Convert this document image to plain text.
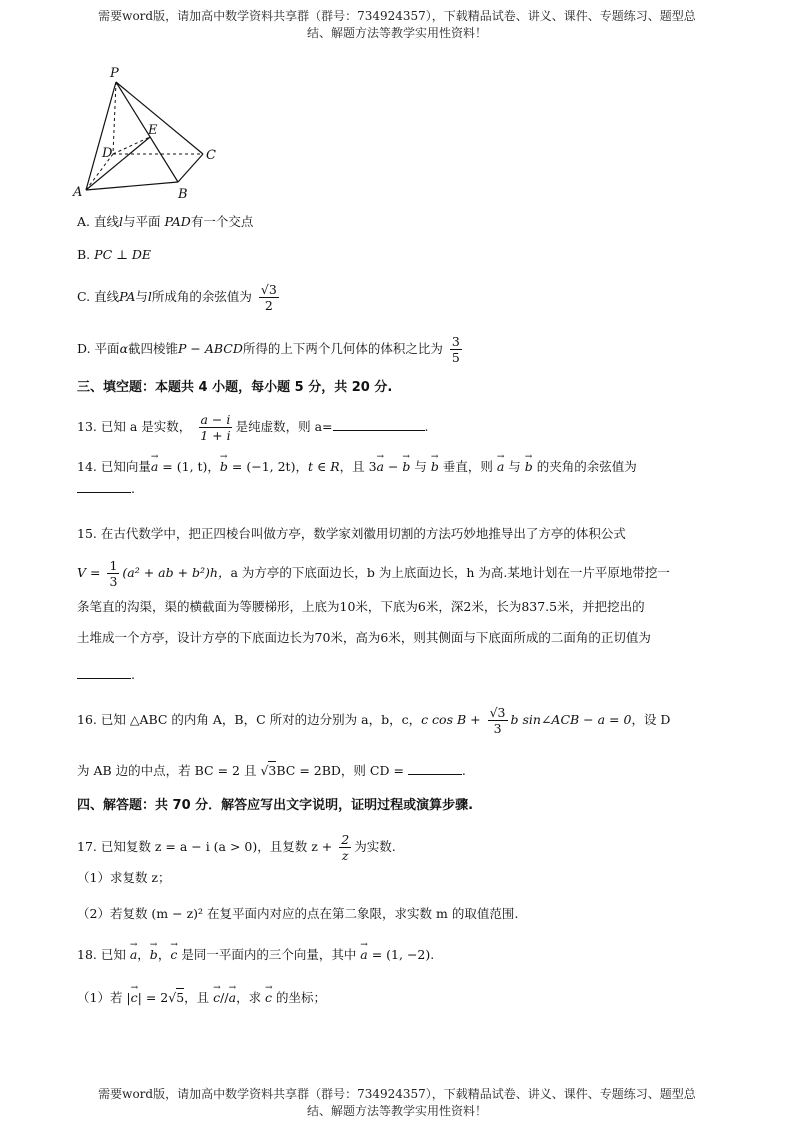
需要word版，请加高中数学资料共享群（群号：734924357），下载精品试卷、讲义、课件、专题练习、题型总
结、解题方法等教学实用性资料！
P
E
D	C
A	B
A. 直线l与平面 PAD有一个交点
B. PC ⊥ DE
C. 直线PA与l所成角的余弦值为 $\frac{√3}{2}$
D. 平面α截四棱锥P − ABCD所得的上下两个几何体的体积之比为 $\frac{3}{5}$
三、填空题：本题共 4 小题，每小题 5 分，共 20 分.
13. 已知 a 是实数， $\frac{a - i}{1 + i}$ 是纯虚数，则 a=	.
14. 已知向量→ a = (1, t)，→ b = (−1, 2t)，t ∈ R，且 3→ a − → b 与 → b 垂直，则 → a 与 → b 的夹角的余弦值为
.
15. 在古代数学中，把正四棱台叫做方亭，数学家刘徽用切割的方法巧妙地推导出了方亭的体积公式
$V = \frac{1}{3} (a^2$ + ab + b²)h，a 为方亭的下底面边长，b 为上底面边长，h 为高.某地计划在一片平原地带挖一
条笔直的沟渠，渠的横截面为等腰梯形，上底为10米，下底为6米，深2米，长为837.5米，并把挖出的
土堆成一个方亭，设计方亭的下底面边长为70米，高为6米，则其侧面与下底面所成的二面角的正切值为
.
16. 已知 △ABC 的内角 A，B，C 所对的边分别为 a，b，c，c $\cos B + \frac{√3}{3}$ b sin∠ACB − a = 0，设 D
为 AB 边的中点，若 BC = 2 且 √3BC = 2BD，则 CD =	.
四、解答题：共 70 分．解答应写出文字说明，证明过程或演算步骤.
17. 已知复数 z = a − i (a > 0)，且复数 $z + \frac{2}{z}$ 为实数.
（1）求复数 z；
（2）若复数 (m − z)² 在复平面内对应的点在第二象限，求实数 m 的取值范围.
18. 已知 → a，→ b，→ c 是同一平面内的三个向量，其中 → a = (1, −2).
（1）若 |→ c| = 2√5，且 → c//→ a，求 → c 的坐标；
需要word版，请加高中数学资料共享群（群号：734924357），下载精品试卷、讲义、课件、专题练习、题型总
结、解题方法等教学实用性资料！
